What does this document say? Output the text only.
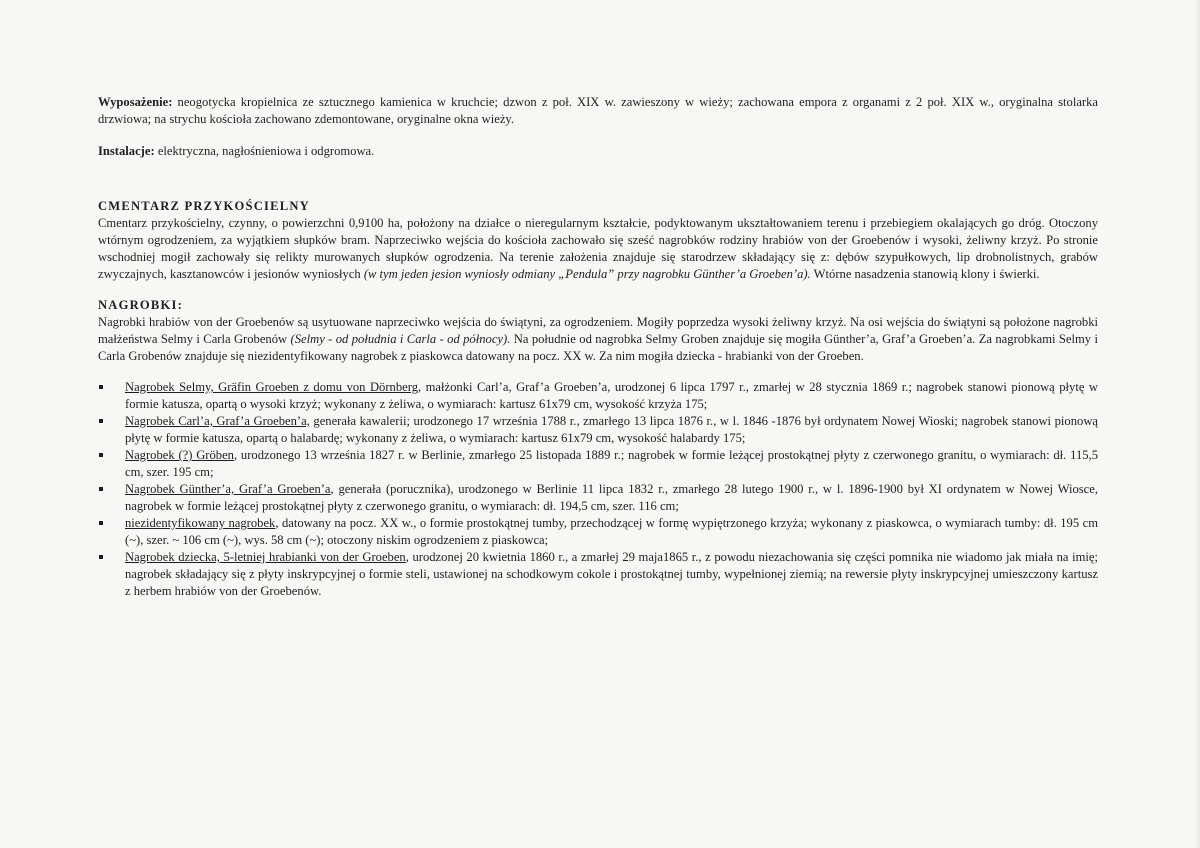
Wyposażenie: neogotycka kropielnica ze sztucznego kamienica w kruchcie; dzwon z poł. XIX w. zawieszony w wieży; zachowana empora z organami z 2 poł. XIX w., oryginalna stolarka drzwiowa; na strychu kościoła zachowano zdemontowane, oryginalne okna wieży.

Instalacje: elektryczna, nagłośnieniowa i odgromowa.

CMENTARZ PRZYKOŚCIELNY

Cmentarz przykościelny, czynny, o powierzchni 0,9100 ha, położony na działce o nieregularnym kształcie, podyktowanym ukształtowaniem terenu i przebiegiem okalających go dróg. Otoczony wtórnym ogrodzeniem, za wyjątkiem słupków bram. Naprzeciwko wejścia do kościoła zachowało się sześć nagrobków rodziny hrabiów von der Groebenów i wysoki, żeliwny krzyż. Po stronie wschodniej mogił zachowały się relikty murowanych słupków ogrodzenia. Na terenie założenia znajduje się starodrzew składający się z: dębów szypułkowych, lip drobnolistnych, grabów zwyczajnych, kasztanowców i jesionów wyniosłych (w tym jeden jesion wyniosły odmiany „Pendula” przy nagrobku Günther’a Groeben’a). Wtórne nasadzenia stanowią klony i świerki.

NAGROBKI:

Nagrobki hrabiów von der Groebenów są usytuowane naprzeciwko wejścia do świątyni, za ogrodzeniem. Mogiły poprzedza wysoki żeliwny krzyż. Na osi wejścia do świątyni są położone nagrobki małżeństwa Selmy i Carla Grobenów (Selmy - od południa i Carla - od północy). Na południe od nagrobka Selmy Groben znajduje się mogiła Günther’a, Graf’a Groeben’a. Za nagrobkami Selmy i Carla Grobenów znajduje się niezidentyfikowany nagrobek z piaskowca datowany na pocz. XX w. Za nim mogiła dziecka - hrabianki von der Groeben.

Nagrobek Selmy, Gräfin Groeben z domu von Dörnberg, małżonki Carl’a, Graf’a Groeben’a, urodzonej 6 lipca 1797 r., zmarłej w 28 stycznia 1869 r.; nagrobek stanowi pionową płytę w formie katusza, opartą o wysoki krzyż; wykonany z żeliwa, o wymiarach: kartusz 61x79 cm, wysokość krzyża 175;
Nagrobek Carl’a, Graf’a Groeben’a, generała kawalerii; urodzonego 17 września 1788 r., zmarłego 13 lipca 1876 r., w l. 1846 -1876 był ordynatem Nowej Wioski; nagrobek stanowi pionową płytę w formie katusza, opartą o halabardę; wykonany z żeliwa, o wymiarach: kartusz 61x79 cm, wysokość halabardy 175;
Nagrobek (?) Gröben, urodzonego 13 września 1827 r. w Berlinie, zmarłego 25 listopada 1889 r.; nagrobek w formie leżącej prostokątnej płyty z czerwonego granitu, o wymiarach: dł. 115,5 cm, szer. 195 cm;
Nagrobek Günther’a, Graf’a Groeben’a, generała (porucznika), urodzonego w Berlinie 11 lipca 1832 r., zmarłego 28 lutego 1900 r., w l. 1896-1900 był XI ordynatem w Nowej Wiosce, nagrobek w formie leżącej prostokątnej płyty z czerwonego granitu, o wymiarach: dł. 194,5 cm, szer. 116 cm;
niezidentyfikowany nagrobek, datowany na pocz. XX w., o formie prostokątnej tumby, przechodzącej w formę wypiętrzonego krzyża; wykonany z piaskowca, o wymiarach tumby: dł. 195 cm (~), szer. ~ 106 cm (~), wys. 58 cm (~); otoczony niskim ogrodzeniem z piaskowca;
Nagrobek dziecka, 5-letniej hrabianki von der Groeben, urodzonej 20 kwietnia 1860 r., a zmarłej 29 maja1865 r., z powodu niezachowania się części pomnika nie wiadomo jak miała na imię; nagrobek składający się z płyty inskrypcyjnej o formie steli, ustawionej na schodkowym cokole i prostokątnej tumby, wypełnionej ziemią; na rewersie płyty inskrypcyjnej umieszczony kartusz z herbem hrabiów von der Groebenów.
